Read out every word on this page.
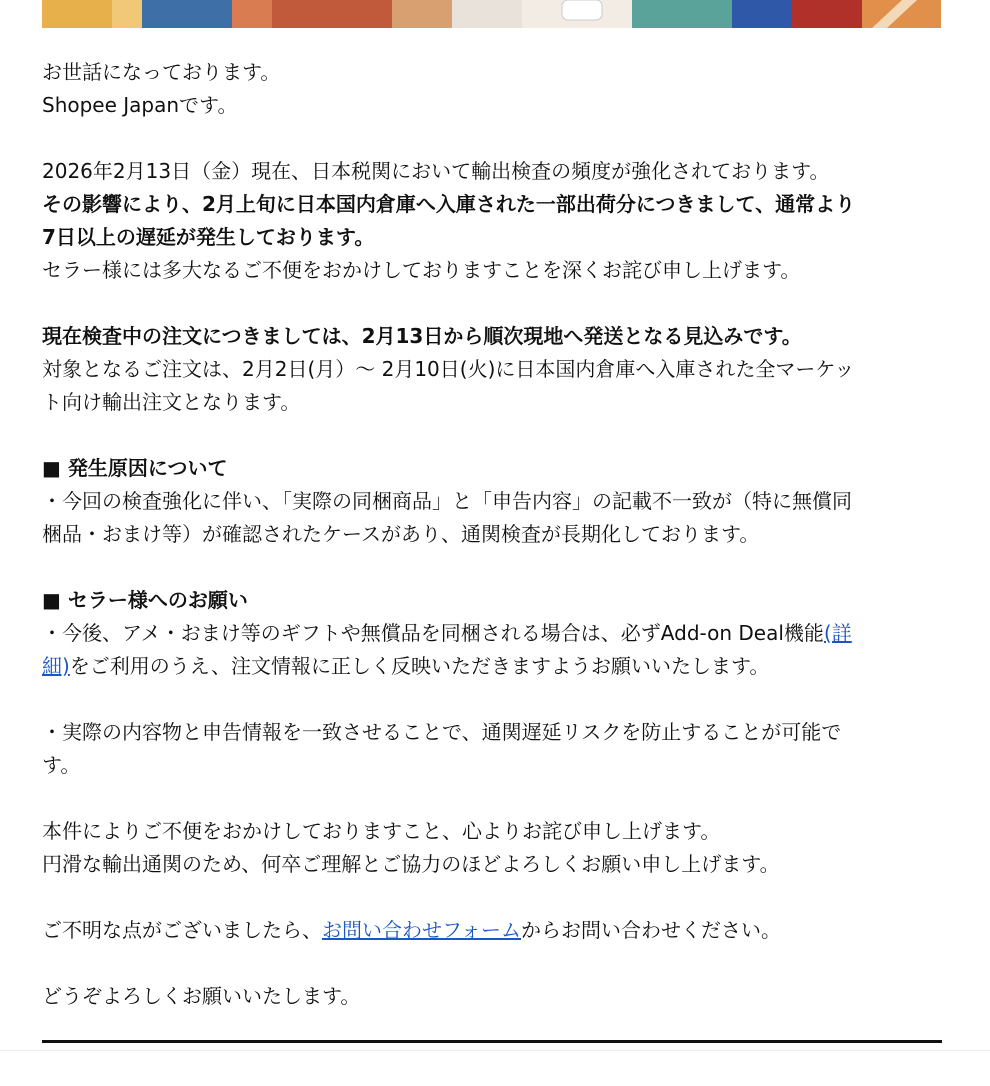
お世話になっております。
Shopee Japanです。
2026年2月13日（金）現在、日本税関において輸出検査の頻度が強化されております。
その影響により、2月上旬に日本国内倉庫へ入庫された一部出荷分につきまして、通常より
7日以上の遅延が発生しております。
セラー様には多大なるご不便をおかけしておりますことを深くお詫び申し上げます。
現在検査中の注文につきましては、2月13日から順次現地へ発送となる見込みです。
対象となるご注文は、2月2日(月）〜 2月10日(火)に日本国内倉庫へ入庫された全マーケッ
ト向け輸出注文となります。
■ 発生原因について
・今回の検査強化に伴い、「実際の同梱商品」と「申告内容」の記載不一致が（特に無償同
梱品・おまけ等）が確認されたケースがあり、通関検査が長期化しております。
■ セラー様へのお願い
・今後、アメ・おまけ等のギフトや無償品を同梱される場合は、必ずAdd-on Deal機能(詳
細)をご利用のうえ、注文情報に正しく反映いただきますようお願いいたします。
・実際の内容物と申告情報を一致させることで、通関遅延リスクを防止することが可能で
す。
本件によりご不便をおかけしておりますこと、心よりお詫び申し上げます。
円滑な輸出通関のため、何卒ご理解とご協力のほどよろしくお願い申し上げます。
ご不明な点がございましたら、お問い合わせフォームからお問い合わせください。
どうぞよろしくお願いいたします。
